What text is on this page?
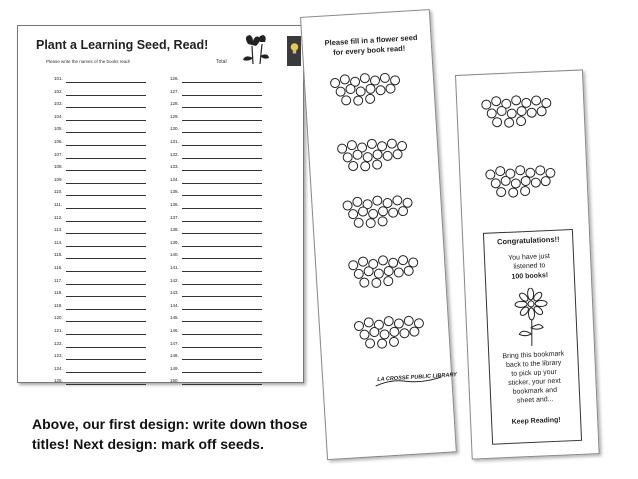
Plant a Learning Seed, Read!
Please write the names of the books read!	Total
101.
102.
103.
104.
105.
106.
107.
108.
109.
110.
111.
112.
113.
114.
115.
116.
117.
118.
119.
120.
121.
122.
123.
124.
125.
126.
127.
128.
129.
130.
131.
132.
133.
134.
135.
136.
137.
138.
139.
140.
141.
142.
143.
144.
145.
146.
147.
148.
149.
150.
Please fill in a flower seed
for every book read!
LA CROSSE PUBLIC LIBRARY
Congratulations!!
You have just
listened to
100 books!
Bring this bookmark
back to the library
to pick up your
sticker, your next
bookmark and
sheet and...
Keep Reading!
Above, our first design: write down those
titles! Next design: mark off seeds.
